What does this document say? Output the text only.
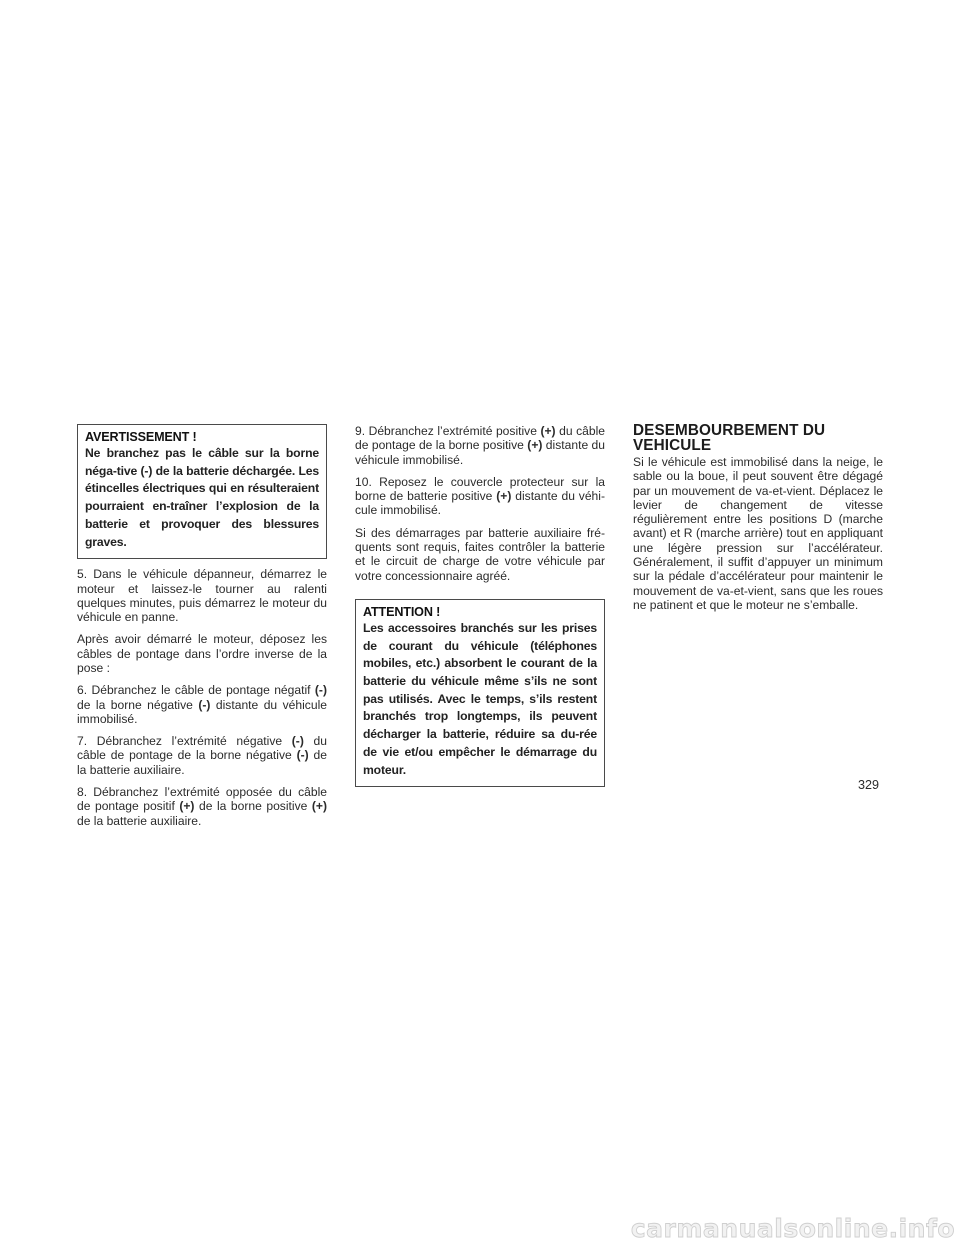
AVERTISSEMENT !
Ne branchez pas le câble sur la borne néga-tive (-) de la batterie déchargée. Les étincelles électriques qui en résulteraient pourraient en-traîner l’explosion de la batterie et provoquer des blessures graves.

5. Dans le véhicule dépanneur, démarrez le moteur et laissez-le tourner au ralenti quelques minutes, puis démarrez le moteur du véhicule en panne.

Après avoir démarré le moteur, déposez les câbles de pontage dans l’ordre inverse de la pose :

6. Débranchez le câble de pontage négatif (-) de la borne négative (-) distante du véhicule immobilisé.

7. Débranchez l’extrémité négative (-) du câble de pontage de la borne négative (-) de la batterie auxiliaire.

8. Débranchez l’extrémité opposée du câble de pontage positif (+) de la borne positive (+) de la batterie auxiliaire.

9. Débranchez l’extrémité positive (+) du câble de pontage de la borne positive (+) distante du véhicule immobilisé.

10. Reposez le couvercle protecteur sur la borne de batterie positive (+) distante du véhi-cule immobilisé.

Si des démarrages par batterie auxiliaire fré-quents sont requis, faites contrôler la batterie et le circuit de charge de votre véhicule par votre concessionnaire agréé.

ATTENTION !
Les accessoires branchés sur les prises de courant du véhicule (téléphones mobiles, etc.) absorbent le courant de la batterie du véhicule même s’ils ne sont pas utilisés. Avec le temps, s’ils restent branchés trop longtemps, ils peuvent décharger la batterie, réduire sa du-rée de vie et/ou empêcher le démarrage du moteur.
DESEMBOURBEMENT DU
VEHICULE

Si le véhicule est immobilisé dans la neige, le sable ou la boue, il peut souvent être dégagé par un mouvement de va-et-vient. Déplacez le levier de changement de vitesse régulièrement entre les positions D (marche avant) et R (marche arrière) tout en appliquant une légère pression sur l’accélérateur. Généralement, il suffit d’appuyer un minimum sur la pédale d’accélérateur pour maintenir le mouvement de va-et-vient, sans que les roues ne patinent et que le moteur ne s’emballe.

329
carmanualsonline.info
